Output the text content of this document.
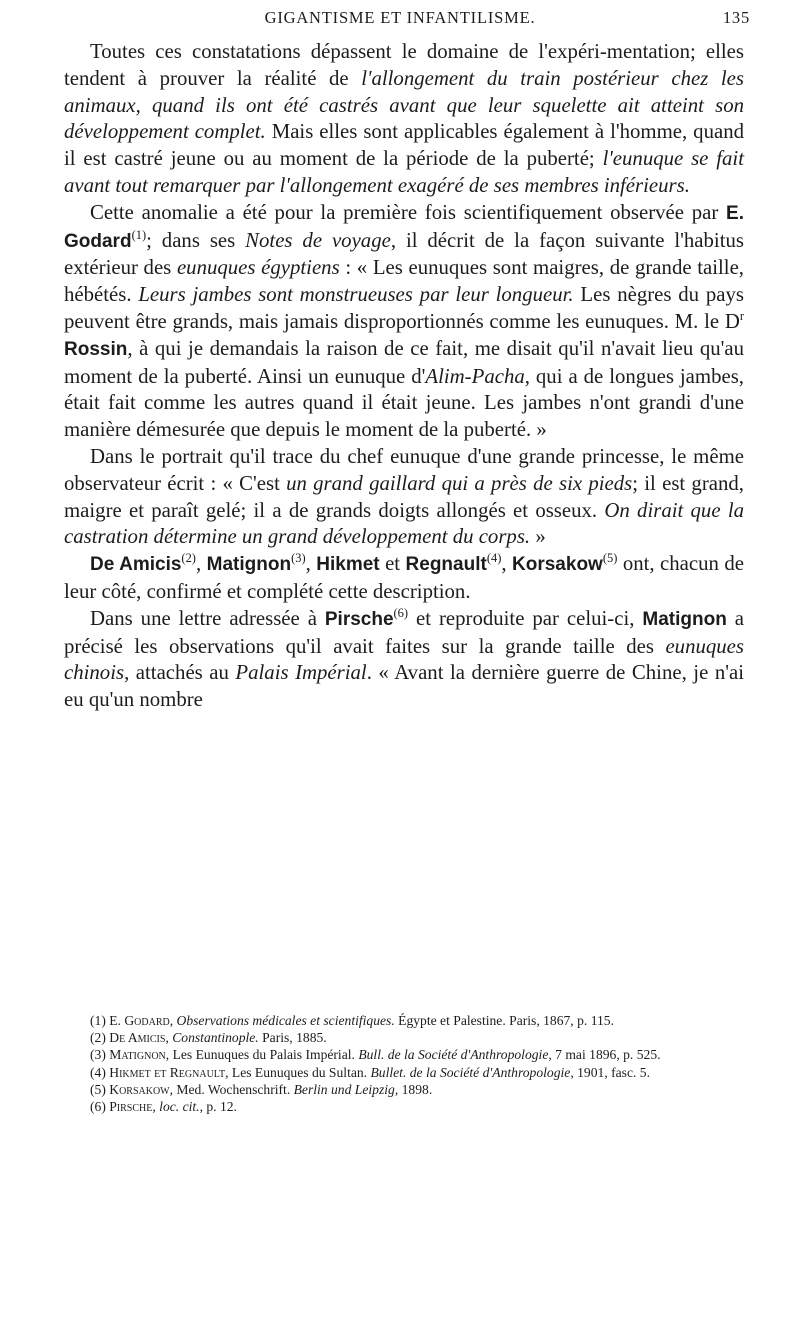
GIGANTISME ET INFANTILISME.	135

Toutes ces constatations dépassent le domaine de l'expéri-mentation; elles tendent à prouver la réalité de l'allongement du train postérieur chez les animaux, quand ils ont été castrés avant que leur squelette ait atteint son développement complet. Mais elles sont applicables également à l'homme, quand il est castré jeune ou au moment de la période de la puberté; l'eunuque se fait avant tout remarquer par l'allongement exagéré de ses membres inférieurs.

Cette anomalie a été pour la première fois scientifiquement observée par E. Godard$^{(1)}$; dans ses Notes de voyage, il décrit de la façon suivante l'habitus extérieur des eunuques égyptiens : « Les eunuques sont maigres, de grande taille, hébétés. Leurs jambes sont monstrueuses par leur longueur. Les nègres du pays peuvent être grands, mais jamais disproportionnés comme les eunuques. M. le $D^r$ Rossin, à qui je demandais la raison de ce fait, me disait qu'il n'avait lieu qu'au moment de la puberté. Ainsi un eunuque d'Alim-Pacha, qui a de longues jambes, était fait comme les autres quand il était jeune. Les jambes n'ont grandi d'une manière démesurée que depuis le moment de la puberté. »

Dans le portrait qu'il trace du chef eunuque d'une grande princesse, le même observateur écrit : « C'est un grand gaillard qui a près de six pieds; il est grand, maigre et paraît gelé; il a de grands doigts allongés et osseux. On dirait que la castration détermine un grand développement du corps. »

De Amicis$^{(2)}$, Matignon$^{(3)}$, Hikmet et Regnault$^{(4)}$, Korsakow$^{(5)}$ ont, chacun de leur côté, confirmé et complété cette description.

Dans une lettre adressée à Pirsche$^{(6)}$ et reproduite par celui-ci, Matignon a précisé les observations qu'il avait faites sur la grande taille des eunuques chinois, attachés au Palais Impérial. « Avant la dernière guerre de Chine, je n'ai eu qu'un nombre

(1) E. Godard, Observations médicales et scientifiques. Égypte et Palestine. Paris, 1867, p. 115.

(2) De Amicis, Constantinople. Paris, 1885.

(3) Matignon, Les Eunuques du Palais Impérial. Bull. de la Société d'Anthropologie, 7 mai 1896, p. 525.

(4) Hikmet et Regnault, Les Eunuques du Sultan. Bullet. de la Société d'Anthropologie, 1901, fasc. 5.

(5) Korsakow, Med. Wochenschrift. Berlin und Leipzig, 1898.

(6) Pirsche, loc. cit., p. 12.
